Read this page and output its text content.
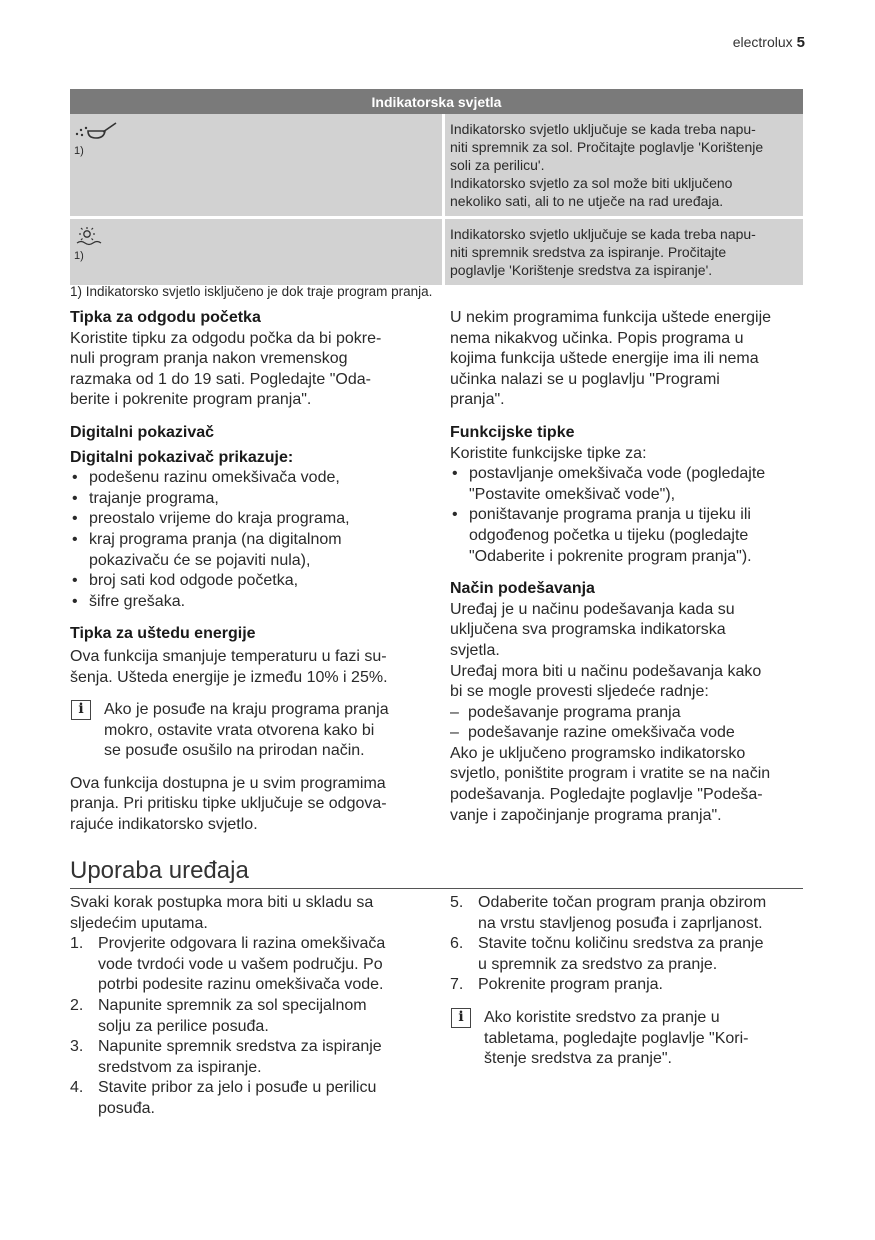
electrolux 5
Indikatorska svjetla	

1)	Indikatorsko svjetlo uključuje se kada treba napu-
niti spremnik za sol. Pročitajte poglavlje 'Korištenje
soli za perilicu'.
Indikatorsko svjetlo za sol može biti uključeno
nekoliko sati, ali to ne utječe na rad uređaja.

1)	Indikatorsko svjetlo uključuje se kada treba napu-
niti spremnik sredstva za ispiranje. Pročitajte
poglavlje 'Korištenje sredstva za ispiranje'.
1) Indikatorsko svjetlo isključeno je dok traje program pranja.
Tipka za odgodu početka

Koristite tipku za odgodu počka da bi pokre-

nuli program pranja nakon vremenskog

razmaka od 1 do 19 sati. Pogledajte "Oda-

berite i pokrenite program pranja".

Digitalni pokazivač
Digitalni pokazivač prikazuje:
• podešenu razinu omekšivača vode,
• trajanje programa,
• preostalo vrijeme do kraja programa,
• kraj programa pranja (na digitalnom
pokazivaču će se pojaviti nula),
• broj sati kod odgode početka,
• šifre grešaka.
Tipka za uštedu energije

Ova funkcija smanjuje temperaturu u fazi su-

šenja. Ušteda energije je između 10% i 25%.

i	Ako je posuđe na kraju programa pranja

mokro, ostavite vrata otvorena kako bi

se posuđe osušilo na prirodan način.

Ova funkcija dostupna je u svim programima

pranja. Pri pritisku tipke uključuje se odgova-

rajuće indikatorsko svjetlo.

U nekim programima funkcija uštede energije

nema nikakvog učinka. Popis programa u

kojima funkcija uštede energije ima ili nema

učinka nalazi se u poglavlju "Programi

pranja".

Funkcijske tipke

Koristite funkcijske tipke za:

• postavljanje omekšivača vode (pogledajte
"Postavite omekšivač vode"),
• poništavanje programa pranja u tijeku ili
odgođenog početka u tijeku (pogledajte
"Odaberite i pokrenite program pranja").
Način podešavanja

Uređaj je u načinu podešavanja kada su

uključena sva programska indikatorska

svjetla.

Uređaj mora biti u načinu podešavanja kako

bi se mogle provesti sljedeće radnje:

– podešavanje programa pranja
– podešavanje razine omekšivača vode

Ako je uključeno programsko indikatorsko

svjetlo, poništite program i vratite se na način

podešavanja. Pogledajte poglavlje "Podeša-

vanje i započinjanje programa pranja".

Uporaba uređaja

Svaki korak postupka mora biti u skladu sa

sljedećim uputama.

1. Provjerite odgovara li razina omekšivača
vode tvrdoći vode u vašem području. Po
potrbi podesite razinu omekšivača vode.
2. Napunite spremnik za sol specijalnom
solju za perilice posuđa.
3. Napunite spremnik sredstva za ispiranje
sredstvom za ispiranje.
4. Stavite pribor za jelo i posuđe u perilicu
posuđa.
5. Odaberite točan program pranja obzirom
na vrstu stavljenog posuđa i zaprljanost.
6. Stavite točnu količinu sredstva za pranje
u spremnik za sredstvo za pranje.
7. Pokrenite program pranja.
i	Ako koristite sredstvo za pranje u

tabletama, pogledajte poglavlje "Kori-

štenje sredstva za pranje".
